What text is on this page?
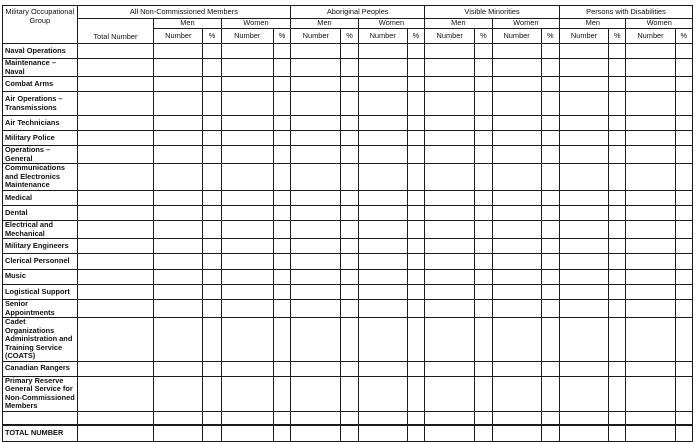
Military Occupational Group	All Non-Commissioned Members					Aboriginal Peoples				Visible Minorities				Persons with Disabilities			
	Total Number	Men		Women		Men		Women		Men		Women		Men		Women	
		Number	%	Number	%	Number	%	Number	%	Number	%	Number	%	Number	%	Number	%
Naval Operations																	
Maintenance – Naval																	
Combat Arms																	
Air Operations – Transmissions																	
Air Technicians																	
Military Police																	
Operations – General																	
Communications and Electronics Maintenance																	
Medical																	
Dental																	
Electrical and Mechanical																	
Military Engineers																	
Clerical Personnel																	
Music																	
Logistical Support																	
Senior Appointments																	
Cadet Organizations Administration and Training Service (COATS)																	
Canadian Rangers																	
Primary Reserve General Service for Non-Commissioned Members																	

TOTAL NUMBER																	
